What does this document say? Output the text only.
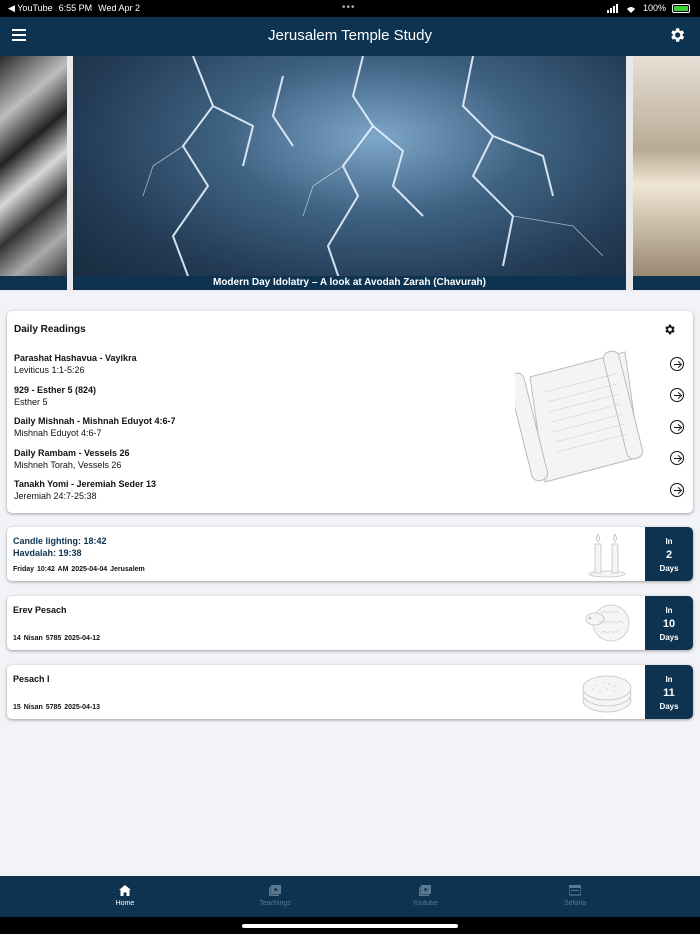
◀ YouTube 6:55 PM Wed Apr 2	•••	100%
Jerusalem Temple Study
Modern Day Idolatry – A look at Avodah Zarah (Chavurah)
Daily Readings
Parashat Hashavua - Vayikra
Leviticus 1:1-5:26
929 - Esther 5 (824)
Esther 5
Daily Mishnah - Mishnah Eduyot 4:6-7
Mishnah Eduyot 4:6-7
Daily Rambam - Vessels 26
Mishneh Torah, Vessels 26
Tanakh Yomi - Jeremiah Seder 13
Jeremiah 24:7-25:38
Candle lighting: 18:42
Havdalah: 19:38
Friday 10:42 AM 2025-04-04 Jerusalem
In
2
Days
Erev Pesach
14 Nisan 5785 2025-04-12
In
10
Days
Pesach I
15 Nisan 5785 2025-04-13
In
11
Days
Home	Teachings	Youtube	Sefaria
